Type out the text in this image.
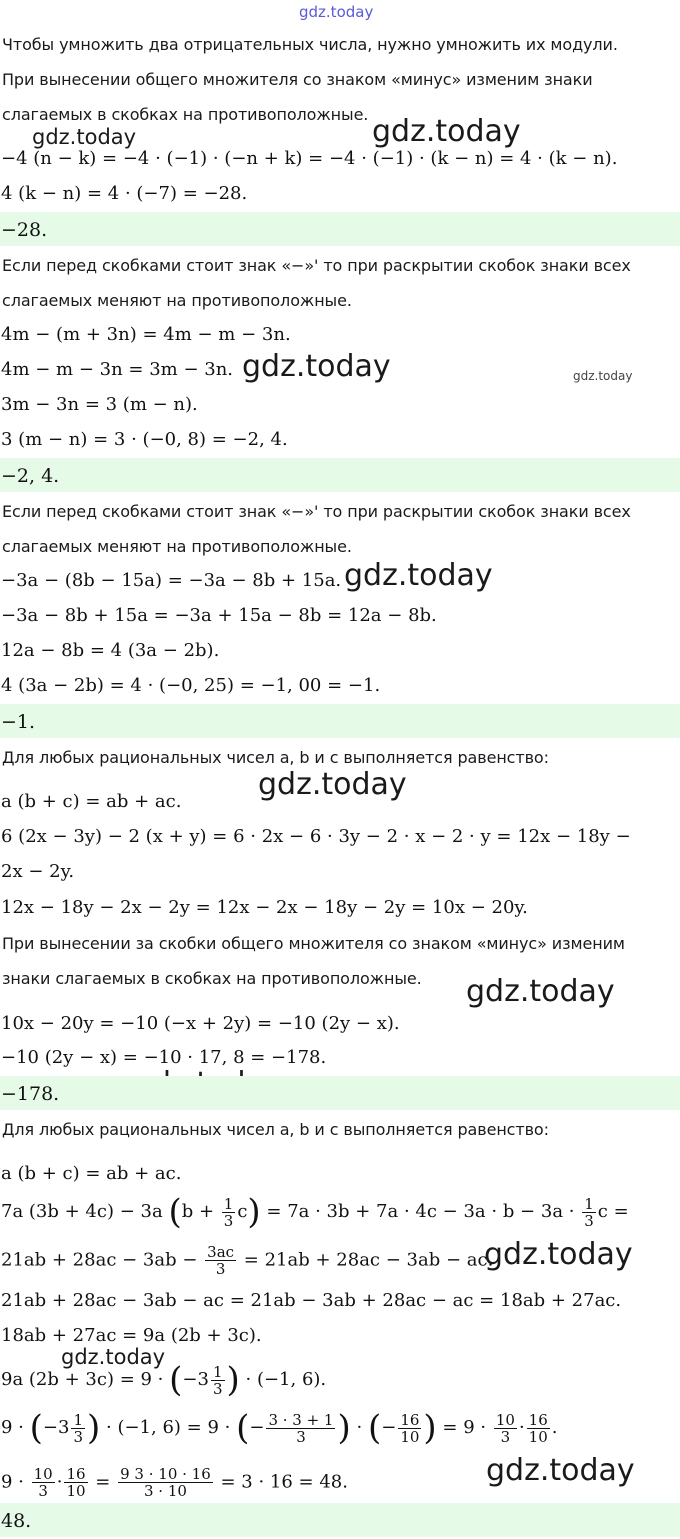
gdz.today
gdz.today	gdz.today
gdz.today	gdz.today
gdz.today
gdz.today
gdz.today
gdz.today
gdz.today
gdz.today
Чтобы умножить два отрицательных числа, нужно умножить их модули.
При вынесении общего множителя со знаком «минус» изменим знаки
слагаемых в скобках на противоположные.
−4 (n − k) = −4 · (−1) · (−n + k) = −4 · (−1) · (k − n) = 4 · (k − n).
4 (k − n) = 4 · (−7) = −28.
−28.
Если перед скобками стоит знак «−»' то при раскрытии скобок знаки всех
слагаемых меняют на противоположные.
4m − (m + 3n) = 4m − m − 3n.
4m − m − 3n = 3m − 3n.
3m − 3n = 3 (m − n).
3 (m − n) = 3 · (−0, 8) = −2, 4.
−2, 4.
Если перед скобками стоит знак «−»' то при раскрытии скобок знаки всех
слагаемых меняют на противоположные.
−3a − (8b − 15a) = −3a − 8b + 15a.
−3a − 8b + 15a = −3a + 15a − 8b = 12a − 8b.
12a − 8b = 4 (3a − 2b).
4 (3a − 2b) = 4 · (−0, 25) = −1, 00 = −1.
−1.
Для любых рациональных чисел a, b и c выполняется равенство:
a (b + c) = ab + ac.
6 (2x − 3y) − 2 (x + y) = 6 · 2x − 6 · 3y − 2 · x − 2 · y = 12x − 18y −
2x − 2y.
12x − 18y − 2x − 2y = 12x − 2x − 18y − 2y = 10x − 20y.
При вынесении за скобки общего множителя со знаком «минус» изменим
знаки слагаемых в скобках на противоположные.
10x − 20y = −10 (−x + 2y) = −10 (2y − x).
−10 (2y − x) = −10 · 17, 8 = −178.
−178.
Для любых рациональных чисел a, b и c выполняется равенство:
a (b + c) = ab + ac.
7a (3b + 4c) − 3a $(b + \frac{1}{3} c) = 7a \cdot 3b + 7a \cdot 4c - 3a \cdot b - 3a \cdot \frac{1}{3}$ c =
$21ab + 28ac - 3ab - \frac{3ac}{3} = 21ab + 28ac - 3ab$ − ac.
21ab + 28ac − 3ab − ac = 21ab − 3ab + 28ac − ac = 18ab + 27ac.
18ab + 27ac = 9a (2b + 3c).
9a $(2b + 3c) = 9 \cdot (-3 \frac{1}{3}$ ) · (−1, 6).
$9 \cdot (-3 \frac{1}{3}$ ) · (−1, 6) = 9 · (− $\frac{3 \cdot 3 + 1}{3}$ ) · (− $\frac{16}{10}$ ) = $9 \cdot \frac{10}{3} \cdot \frac{16}{10}$ .
$9 \cdot \frac{10}{3} \cdot \frac{16}{10} = \frac{9 3 \cdot 10 \cdot 16}{3 \cdot 10} = 3 \cdot 16 = 48$.
48.
